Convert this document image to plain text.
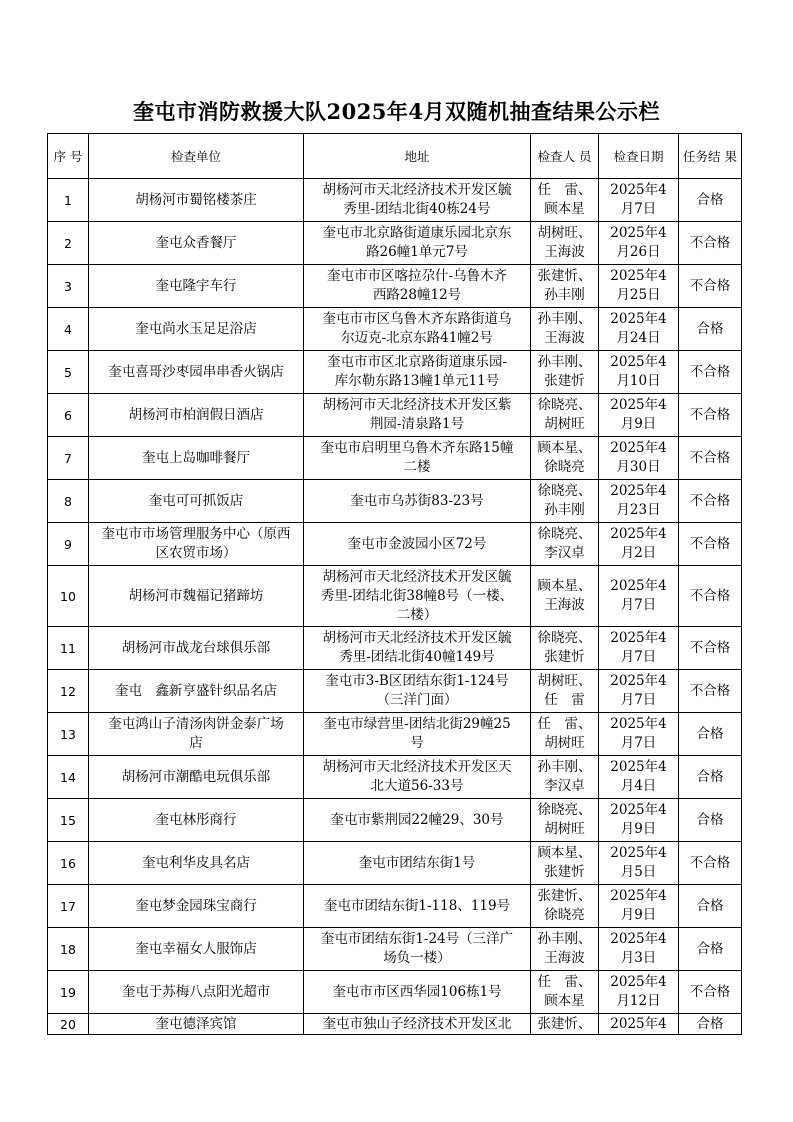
奎屯市消防救援大队2025年4月双随机抽查结果公示栏
序 号	检查单位	地址	检查人 员	检查日期	任务结 果
1	胡杨河市蜀铭楼茶庄	胡杨河市天北经济技术开发区毓
秀里-团结北街40栋24号	任　雷、
顾本星	2025年4
月7日	合格
2	奎屯众香餐厅	奎屯市北京路街道康乐园北京东
路26幢1单元7号	胡树旺、
王海波	2025年4
月26日	不合格
3	奎屯隆宇车行	奎屯市市区喀拉尕什-乌鲁木齐
西路28幢12号	张建忻、
孙丰刚	2025年4
月25日	不合格
4	奎屯尚水玉足足浴店	奎屯市市区乌鲁木齐东路街道乌
尔迈克-北京东路41幢2号	孙丰刚、
王海波	2025年4
月24日	合格
5	奎屯喜哥沙枣园串串香火锅店	奎屯市市区北京路街道康乐园-
库尔勒东路13幢1单元11号	孙丰刚、
张建忻	2025年4
月10日	不合格
6	胡杨河市柏润假日酒店	胡杨河市天北经济技术开发区紫
荆园-清泉路1号	徐晓亮、
胡树旺	2025年4
月9日	不合格
7	奎屯上岛咖啡餐厅	奎屯市启明里乌鲁木齐东路15幢
二楼	顾本星、
徐晓亮	2025年4
月30日	不合格
8	奎屯可可抓饭店	奎屯市乌苏街83-23号	徐晓亮、
孙丰刚	2025年4
月23日	不合格
9	奎屯市市场管理服务中心（原西
区农贸市场）	奎屯市金波园小区72号	徐晓亮、
李汉卓	2025年4
月2日	不合格
10	胡杨河市魏福记猪蹄坊	胡杨河市天北经济技术开发区毓
秀里-团结北街38幢8号（一楼、
二楼）	顾本星、
王海波	2025年4
月7日	不合格
11	胡杨河市战龙台球俱乐部	胡杨河市天北经济技术开发区毓
秀里-团结北街40幢149号	徐晓亮、
张建忻	2025年4
月7日	不合格
12	奎屯　鑫新亨盛针织品名店	奎屯市3-B区团结东街1-124号
（三洋门面）	胡树旺、
任　雷	2025年4
月7日	不合格
13	奎屯鸿山子清汤肉饼金泰广场
店	奎屯市绿营里-团结北街29幢25
号	任　雷、
胡树旺	2025年4
月7日	合格
14	胡杨河市潮酷电玩俱乐部	胡杨河市天北经济技术开发区天
北大道56-33号	孙丰刚、
李汉卓	2025年4
月4日	合格
15	奎屯林彤商行	奎屯市紫荆园22幢29、30号	徐晓亮、
胡树旺	2025年4
月9日	合格
16	奎屯利华皮具名店	奎屯市团结东街1号	顾本星、
张建忻	2025年4
月5日	不合格
17	奎屯梦金园珠宝商行	奎屯市团结东街1-118、119号	张建忻、
徐晓亮	2025年4
月9日	合格
18	奎屯幸福女人服饰店	奎屯市团结东街1-24号（三洋广
场负一楼）	孙丰刚、
王海波	2025年4
月3日	合格
19	奎屯于苏梅八点阳光超市	奎屯市市区西华园106栋1号	任　雷、
顾本星	2025年4
月12日	不合格
20	奎屯德泽宾馆	奎屯市独山子经济技术开发区北	张建忻、	2025年4	合格
